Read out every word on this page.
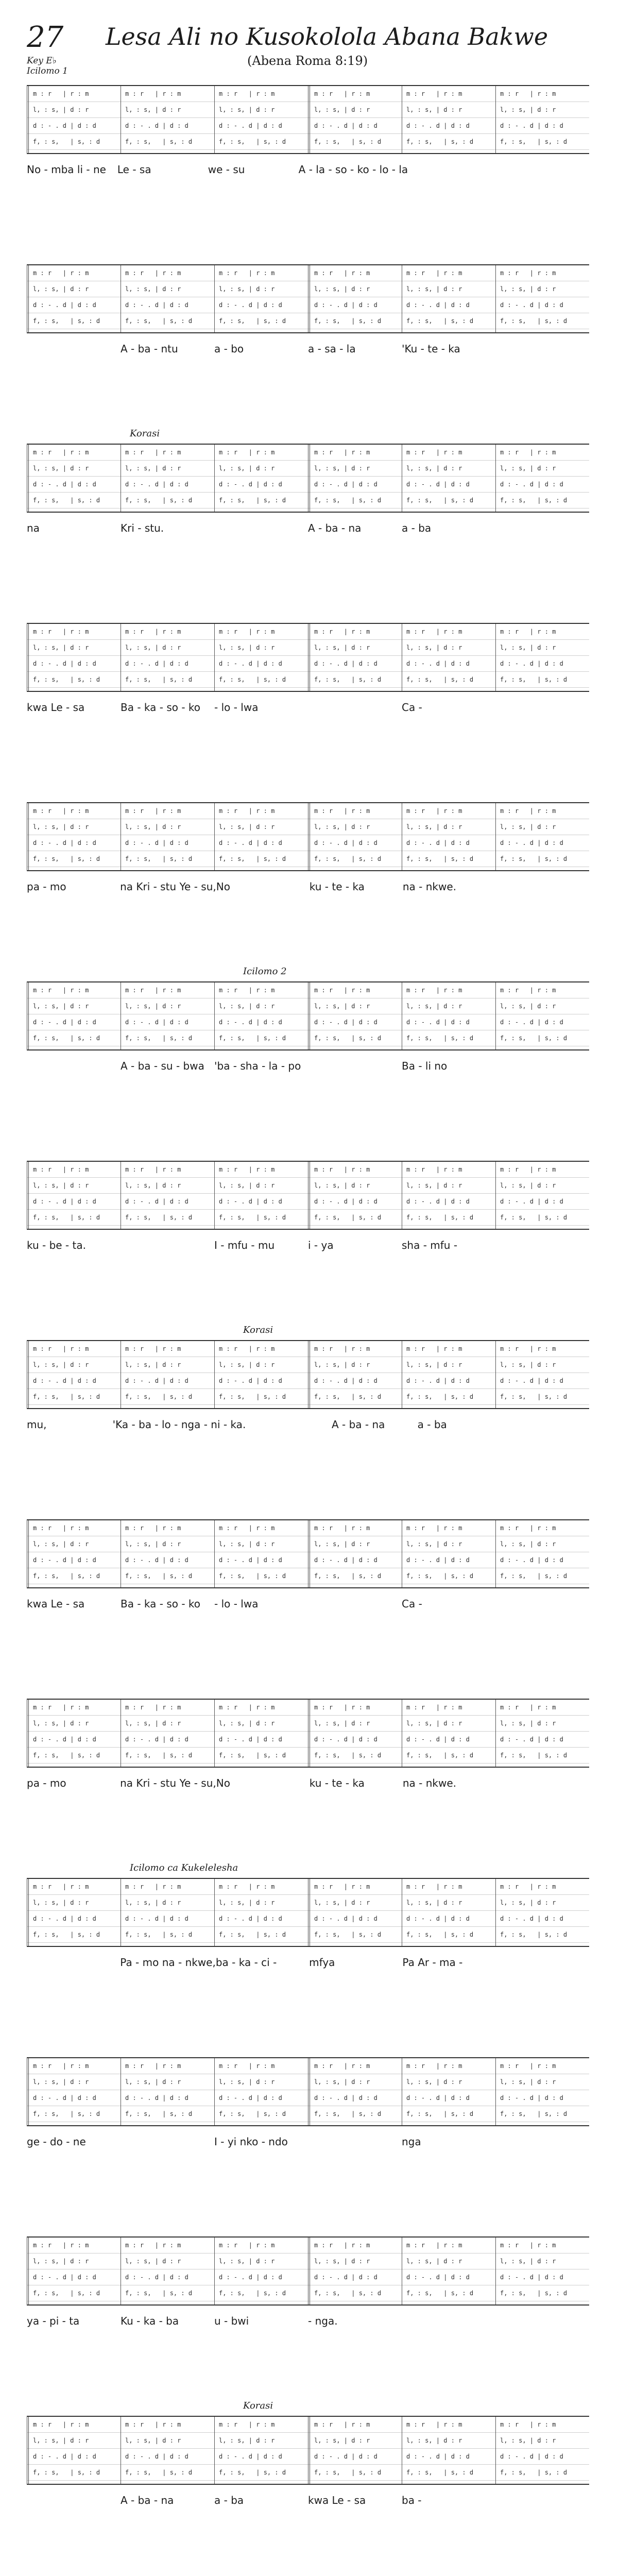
27 Lesa Ali no Kusokolola Abana Bakwe
(Abena Roma 8:19)
Key E♭
Icilomo 1
m : r   | r : m
l, : s, | d : r
d : - . d | d : d
f, : s,   | s, : d
m : r   | r : m
l, : s, | d : r
d : - . d | d : d
f, : s,   | s, : d
m : r   | r : m
l, : s, | d : r
d : - . d | d : d
f, : s,   | s, : d
m : r   | r : m
l, : s, | d : r
d : - . d | d : d
f, : s,   | s, : d
m : r   | r : m
l, : s, | d : r
d : - . d | d : d
f, : s,   | s, : d
m : r   | r : m
l, : s, | d : r
d : - . d | d : d
f, : s,   | s, : d
No - mba li - ne	Le - sa	we - su	A - la - so - ko - lo - la
m : r   | r : m
l, : s, | d : r
d : - . d | d : d
f, : s,   | s, : d
m : r   | r : m
l, : s, | d : r
d : - . d | d : d
f, : s,   | s, : d
m : r   | r : m
l, : s, | d : r
d : - . d | d : d
f, : s,   | s, : d
m : r   | r : m
l, : s, | d : r
d : - . d | d : d
f, : s,   | s, : d
m : r   | r : m
l, : s, | d : r
d : - . d | d : d
f, : s,   | s, : d
m : r   | r : m
l, : s, | d : r
d : - . d | d : d
f, : s,   | s, : d
A - ba - ntu	a - bo	a - sa - la	'Ku - te - ka
Korasi
m : r   | r : m
l, : s, | d : r
d : - . d | d : d
f, : s,   | s, : d
m : r   | r : m
l, : s, | d : r
d : - . d | d : d
f, : s,   | s, : d
m : r   | r : m
l, : s, | d : r
d : - . d | d : d
f, : s,   | s, : d
m : r   | r : m
l, : s, | d : r
d : - . d | d : d
f, : s,   | s, : d
m : r   | r : m
l, : s, | d : r
d : - . d | d : d
f, : s,   | s, : d
m : r   | r : m
l, : s, | d : r
d : - . d | d : d
f, : s,   | s, : d
na	Kri - stu.	A - ba - na	a - ba
m : r   | r : m
l, : s, | d : r
d : - . d | d : d
f, : s,   | s, : d
m : r   | r : m
l, : s, | d : r
d : - . d | d : d
f, : s,   | s, : d
m : r   | r : m
l, : s, | d : r
d : - . d | d : d
f, : s,   | s, : d
m : r   | r : m
l, : s, | d : r
d : - . d | d : d
f, : s,   | s, : d
m : r   | r : m
l, : s, | d : r
d : - . d | d : d
f, : s,   | s, : d
m : r   | r : m
l, : s, | d : r
d : - . d | d : d
f, : s,   | s, : d
kwa Le - sa	Ba - ka - so - ko	- lo - lwa	Ca -
m : r   | r : m
l, : s, | d : r
d : - . d | d : d
f, : s,   | s, : d
m : r   | r : m
l, : s, | d : r
d : - . d | d : d
f, : s,   | s, : d
m : r   | r : m
l, : s, | d : r
d : - . d | d : d
f, : s,   | s, : d
m : r   | r : m
l, : s, | d : r
d : - . d | d : d
f, : s,   | s, : d
m : r   | r : m
l, : s, | d : r
d : - . d | d : d
f, : s,   | s, : d
m : r   | r : m
l, : s, | d : r
d : - . d | d : d
f, : s,   | s, : d
pa - mo	na Kri - stu Ye - su, No	ku - te - ka	na - nkwe.
Icilomo 2
m : r   | r : m
l, : s, | d : r
d : - . d | d : d
f, : s,   | s, : d
m : r   | r : m
l, : s, | d : r
d : - . d | d : d
f, : s,   | s, : d
m : r   | r : m
l, : s, | d : r
d : - . d | d : d
f, : s,   | s, : d
m : r   | r : m
l, : s, | d : r
d : - . d | d : d
f, : s,   | s, : d
m : r   | r : m
l, : s, | d : r
d : - . d | d : d
f, : s,   | s, : d
m : r   | r : m
l, : s, | d : r
d : - . d | d : d
f, : s,   | s, : d
A - ba - su - bwa 'ba - sha - la - po	Ba - li no
m : r   | r : m
l, : s, | d : r
d : - . d | d : d
f, : s,   | s, : d
m : r   | r : m
l, : s, | d : r
d : - . d | d : d
f, : s,   | s, : d
m : r   | r : m
l, : s, | d : r
d : - . d | d : d
f, : s,   | s, : d
m : r   | r : m
l, : s, | d : r
d : - . d | d : d
f, : s,   | s, : d
m : r   | r : m
l, : s, | d : r
d : - . d | d : d
f, : s,   | s, : d
m : r   | r : m
l, : s, | d : r
d : - . d | d : d
f, : s,   | s, : d
ku - be - ta.	I - mfu - mu	i - ya	sha - mfu -
Korasi
m : r   | r : m
l, : s, | d : r
d : - . d | d : d
f, : s,   | s, : d
m : r   | r : m
l, : s, | d : r
d : - . d | d : d
f, : s,   | s, : d
m : r   | r : m
l, : s, | d : r
d : - . d | d : d
f, : s,   | s, : d
m : r   | r : m
l, : s, | d : r
d : - . d | d : d
f, : s,   | s, : d
m : r   | r : m
l, : s, | d : r
d : - . d | d : d
f, : s,   | s, : d
m : r   | r : m
l, : s, | d : r
d : - . d | d : d
f, : s,   | s, : d
mu,	'Ka - ba - lo - nga - ni - ka.	A - ba - na	a - ba
m : r   | r : m
l, : s, | d : r
d : - . d | d : d
f, : s,   | s, : d
m : r   | r : m
l, : s, | d : r
d : - . d | d : d
f, : s,   | s, : d
m : r   | r : m
l, : s, | d : r
d : - . d | d : d
f, : s,   | s, : d
m : r   | r : m
l, : s, | d : r
d : - . d | d : d
f, : s,   | s, : d
m : r   | r : m
l, : s, | d : r
d : - . d | d : d
f, : s,   | s, : d
m : r   | r : m
l, : s, | d : r
d : - . d | d : d
f, : s,   | s, : d
kwa Le - sa	Ba - ka - so - ko	- lo - lwa	Ca -
m : r   | r : m
l, : s, | d : r
d : - . d | d : d
f, : s,   | s, : d
m : r   | r : m
l, : s, | d : r
d : - . d | d : d
f, : s,   | s, : d
m : r   | r : m
l, : s, | d : r
d : - . d | d : d
f, : s,   | s, : d
m : r   | r : m
l, : s, | d : r
d : - . d | d : d
f, : s,   | s, : d
m : r   | r : m
l, : s, | d : r
d : - . d | d : d
f, : s,   | s, : d
m : r   | r : m
l, : s, | d : r
d : - . d | d : d
f, : s,   | s, : d
pa - mo	na Kri - stu Ye - su, No	ku - te - ka	na - nkwe.
Icilomo ca Kukelelesha
m : r   | r : m
l, : s, | d : r
d : - . d | d : d
f, : s,   | s, : d
m : r   | r : m
l, : s, | d : r
d : - . d | d : d
f, : s,   | s, : d
m : r   | r : m
l, : s, | d : r
d : - . d | d : d
f, : s,   | s, : d
m : r   | r : m
l, : s, | d : r
d : - . d | d : d
f, : s,   | s, : d
m : r   | r : m
l, : s, | d : r
d : - . d | d : d
f, : s,   | s, : d
m : r   | r : m
l, : s, | d : r
d : - . d | d : d
f, : s,   | s, : d
Pa - mo na - nkwe, ba - ka - ci -	mfya	Pa Ar - ma -
m : r   | r : m
l, : s, | d : r
d : - . d | d : d
f, : s,   | s, : d
m : r   | r : m
l, : s, | d : r
d : - . d | d : d
f, : s,   | s, : d
m : r   | r : m
l, : s, | d : r
d : - . d | d : d
f, : s,   | s, : d
m : r   | r : m
l, : s, | d : r
d : - . d | d : d
f, : s,   | s, : d
m : r   | r : m
l, : s, | d : r
d : - . d | d : d
f, : s,   | s, : d
m : r   | r : m
l, : s, | d : r
d : - . d | d : d
f, : s,   | s, : d
ge - do - ne	I - yi nko - ndo	nga
m : r   | r : m
l, : s, | d : r
d : - . d | d : d
f, : s,   | s, : d
m : r   | r : m
l, : s, | d : r
d : - . d | d : d
f, : s,   | s, : d
m : r   | r : m
l, : s, | d : r
d : - . d | d : d
f, : s,   | s, : d
m : r   | r : m
l, : s, | d : r
d : - . d | d : d
f, : s,   | s, : d
m : r   | r : m
l, : s, | d : r
d : - . d | d : d
f, : s,   | s, : d
m : r   | r : m
l, : s, | d : r
d : - . d | d : d
f, : s,   | s, : d
ya - pi - ta	Ku - ka - ba	u - bwi	- nga.
Korasi
m : r   | r : m
l, : s, | d : r
d : - . d | d : d
f, : s,   | s, : d
m : r   | r : m
l, : s, | d : r
d : - . d | d : d
f, : s,   | s, : d
m : r   | r : m
l, : s, | d : r
d : - . d | d : d
f, : s,   | s, : d
m : r   | r : m
l, : s, | d : r
d : - . d | d : d
f, : s,   | s, : d
m : r   | r : m
l, : s, | d : r
d : - . d | d : d
f, : s,   | s, : d
m : r   | r : m
l, : s, | d : r
d : - . d | d : d
f, : s,   | s, : d
A - ba - na	a - ba	kwa Le - sa	ba -
